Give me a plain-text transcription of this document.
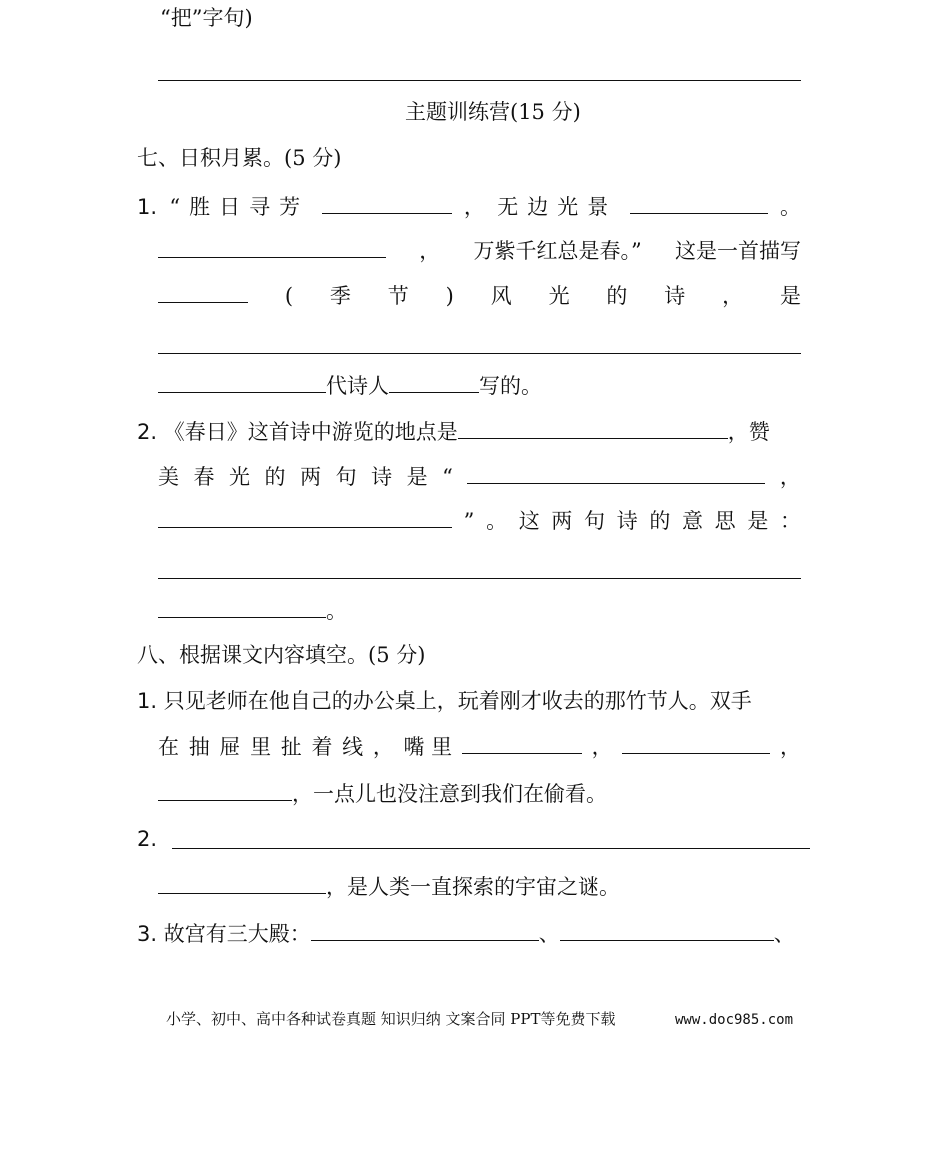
“把”字句)
主题训练营(15 分)
七、日积月累。(5 分)
1. “胜日寻芳	， 无边光景	。
， 万紫千红总是春。” 这是一首描写
( 季 节 ) 风 光 的 诗 ， 是
代诗人	写的。
2. 《春日》这首诗中游览的地点是	，赞
美 春 光 的 两 句 诗 是 “	，
” 。 这 两 句 诗 的 意 思 是 ：
。
八、根据课文内容填空。(5 分)
1. 只见老师在他自己的办公桌上，玩着刚才收去的那竹节人。双手
在 抽 屉 里 扯 着 线 ， 嘴 里	，	，
，一点儿也没注意到我们在偷看。
2.
，是人类一直探索的宇宙之谜。
3. 故宫有三大殿：	、	、
小学、初中、高中各种试卷真题 知识归纳 文案合同 PPT等免费下载	www.doc985.com
